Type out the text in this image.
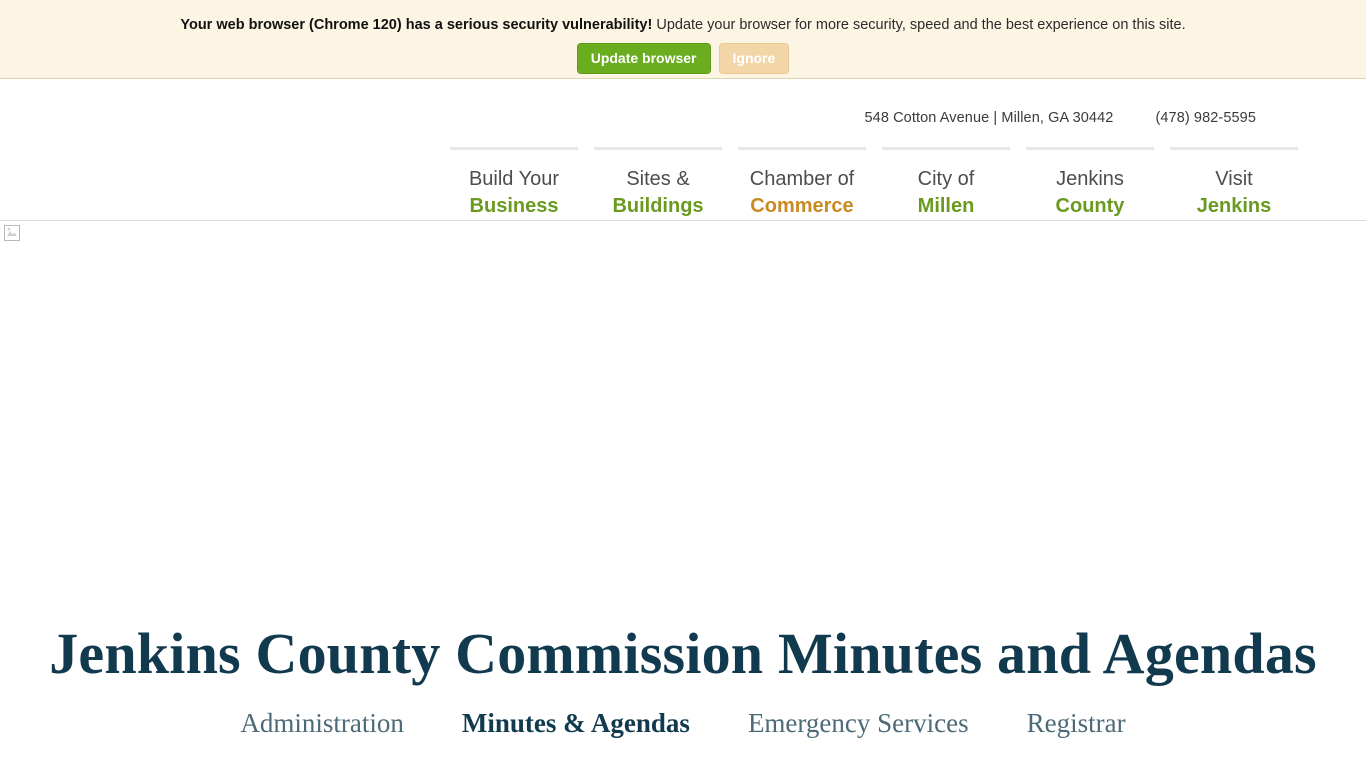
Your web browser (Chrome 120) has a serious security vulnerability! Update your browser for more security, speed and the best experience on this site.
Update browser	Ignore
548 Cotton Avenue | Millen, GA 30442	(478) 982-5595
Build Your
Business
Sites &
Buildings
Chamber of
Commerce
City of
Millen
Jenkins
County
Visit
Jenkins
Jenkins County Commission Minutes and Agendas
Administration Minutes & Agendas Emergency Services Registrar
